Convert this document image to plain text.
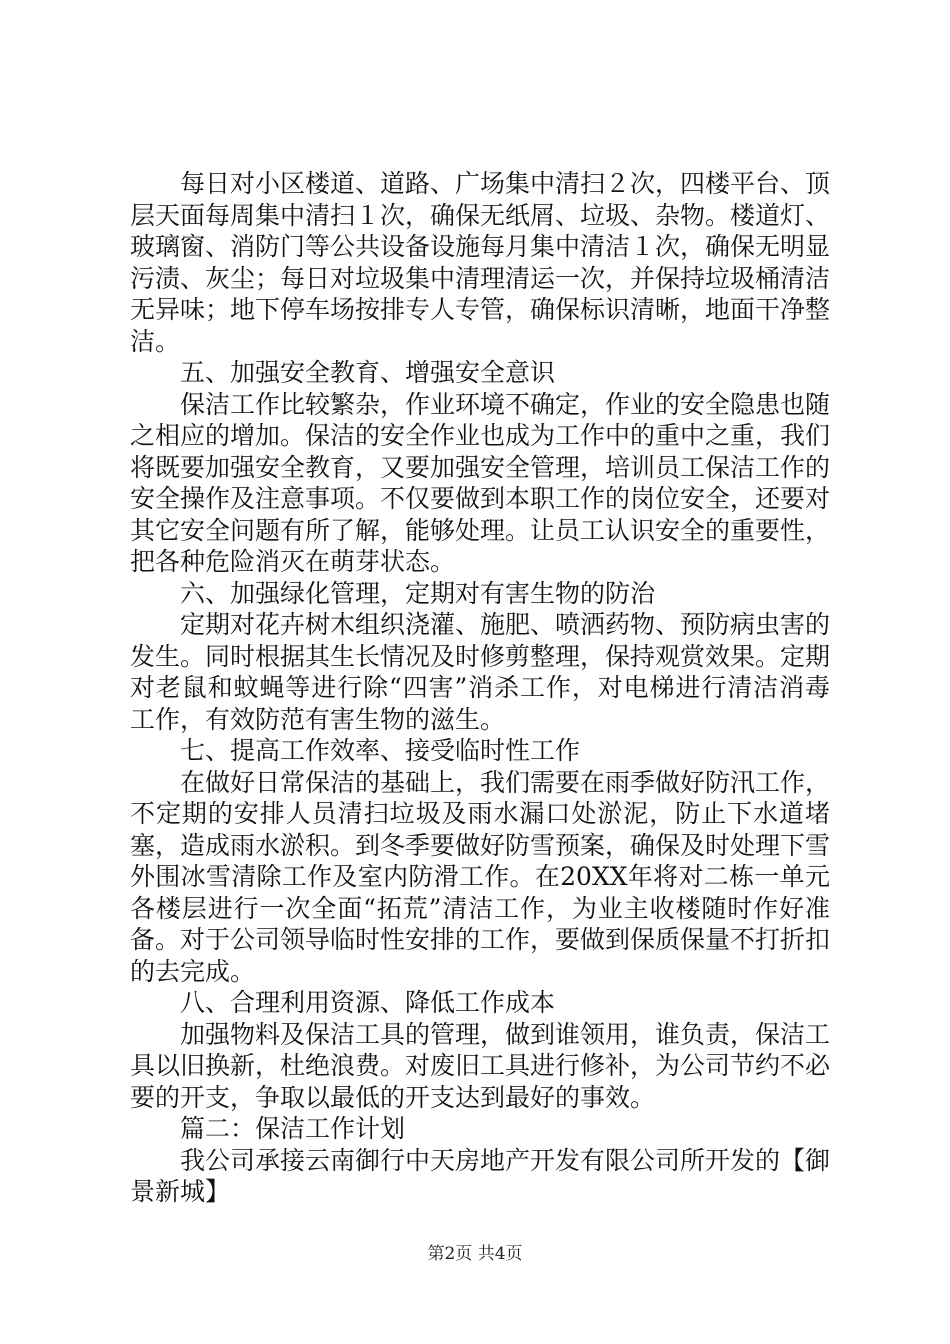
每日对小区楼道、道路、广场集中清扫２次，四楼平台、顶层天面每周集中清扫１次，确保无纸屑、垃圾、杂物。楼道灯、玻璃窗、消防门等公共设备设施每月集中清洁１次，确保无明显污渍、灰尘；每日对垃圾集中清理清运一次，并保持垃圾桶清洁无异味；地下停车场按排专人专管，确保标识清晰，地面干净整洁。

五、加强安全教育、增强安全意识

保洁工作比较繁杂，作业环境不确定，作业的安全隐患也随之相应的增加。保洁的安全作业也成为工作中的重中之重，我们将既要加强安全教育，又要加强安全管理，培训员工保洁工作的安全操作及注意事项。不仅要做到本职工作的岗位安全，还要对其它安全问题有所了解，能够处理。让员工认识安全的重要性，把各种危险消灭在萌芽状态。

六、加强绿化管理，定期对有害生物的防治

定期对花卉树木组织浇灌、施肥、喷洒药物、预防病虫害的发生。同时根据其生长情况及时修剪整理，保持观赏效果。定期对老鼠和蚊蝇等进行除“四害”消杀工作，对电梯进行清洁消毒工作，有效防范有害生物的滋生。

七、提高工作效率、接受临时性工作

在做好日常保洁的基础上，我们需要在雨季做好防汛工作，不定期的安排人员清扫垃圾及雨水漏口处淤泥，防止下水道堵塞，造成雨水淤积。到冬季要做好防雪预案，确保及时处理下雪外围冰雪清除工作及室内防滑工作。在20XX年将对二栋一单元各楼层进行一次全面“拓荒”清洁工作，为业主收楼随时作好准备。对于公司领导临时性安排的工作，要做到保质保量不打折扣的去完成。

八、合理利用资源、降低工作成本

加强物料及保洁工具的管理，做到谁领用，谁负责，保洁工具以旧换新，杜绝浪费。对废旧工具进行修补，为公司节约不必要的开支，争取以最低的开支达到最好的事效。

篇二：保洁工作计划

我公司承接云南御行中天房地产开发有限公司所开发的【御景新城】

第2页 共4页
